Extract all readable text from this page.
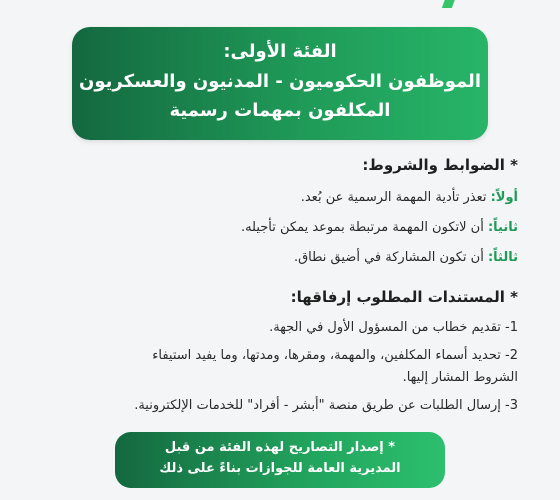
الفئة الأولى:
الموظفون الحكوميون - المدنيون والعسكريون
المكلفون بمهمات رسمية
* الضوابط والشروط:
أولاً: تعذر تأدية المهمة الرسمية عن بُعد.
ثانياً: أن لاتكون المهمة مرتبطة بموعد يمكن تأجيله.
ثالثاً: أن تكون المشاركة في أضيق نطاق.
* المستندات المطلوب إرفاقها:
1- تقديم خطاب من المسؤول الأول في الجهة.
2- تحديد أسماء المكلفين، والمهمة، ومقرها، ومدتها، وما يفيد استيفاء
الشروط المشار إليها.
3- إرسال الطلبات عن طريق منصة "أبشر - أفراد" للخدمات الإلكترونية.
* إصدار التصاريح لهذه الفئة من قبل
المديرية العامة للجوازات بناءً على ذلك
